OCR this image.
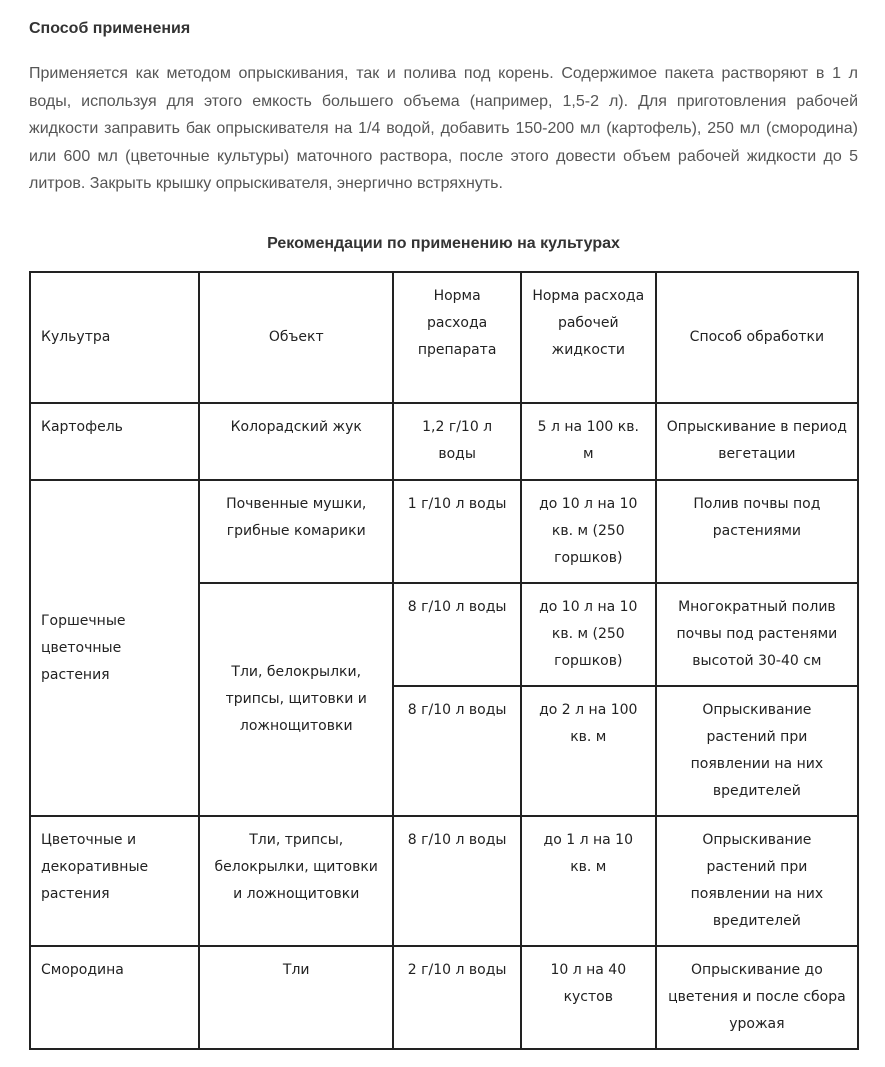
Способ применения
Применяется как методом опрыскивания, так и полива под корень. Содержимое пакета растворяют в 1 л воды, используя для этого емкость большего объема (например, 1,5-2 л). Для приготовления рабочей жидкости заправить бак опрыскивателя на 1/4 водой, добавить 150-200 мл (картофель), 250 мл (смородина) или 600 мл (цветочные культуры) маточного раствора, после этого довести объем рабочей жидкости до 5 литров. Закрыть крышку опрыскивателя, энергично встряхнуть.
Рекомендации по применению на культурах
Кульутра	Объект	Норма расхода препарата	Норма расхода рабочей жидкости	Способ обработки
Картофель	Колорадский жук	1,2 г/10 л воды	5 л на 100 кв. м	Опрыскивание в период вегетации
Горшечные цветочные растения	Почвенные мушки, грибные комарики	1 г/10 л воды	до 10 л на 10 кв. м (250 горшков)	Полив почвы под растениями
	Тли, белокрылки, трипсы, щитовки и ложнощитовки	8 г/10 л воды	до 10 л на 10 кв. м (250 горшков)	Многократный полив почвы под растенями высотой 30-40 см
		8 г/10 л воды	до 2 л на 100 кв. м	Опрыскивание растений при появлении на них вредителей
Цветочные и декоративные растения	Тли, трипсы, белокрылки, щитовки и ложнощитовки	8 г/10 л воды	до 1 л на 10 кв. м	Опрыскивание растений при появлении на них вредителей
Смородина	Тли	2 г/10 л воды	10 л на 40 кустов	Опрыскивание до цветения и после сбора урожая
